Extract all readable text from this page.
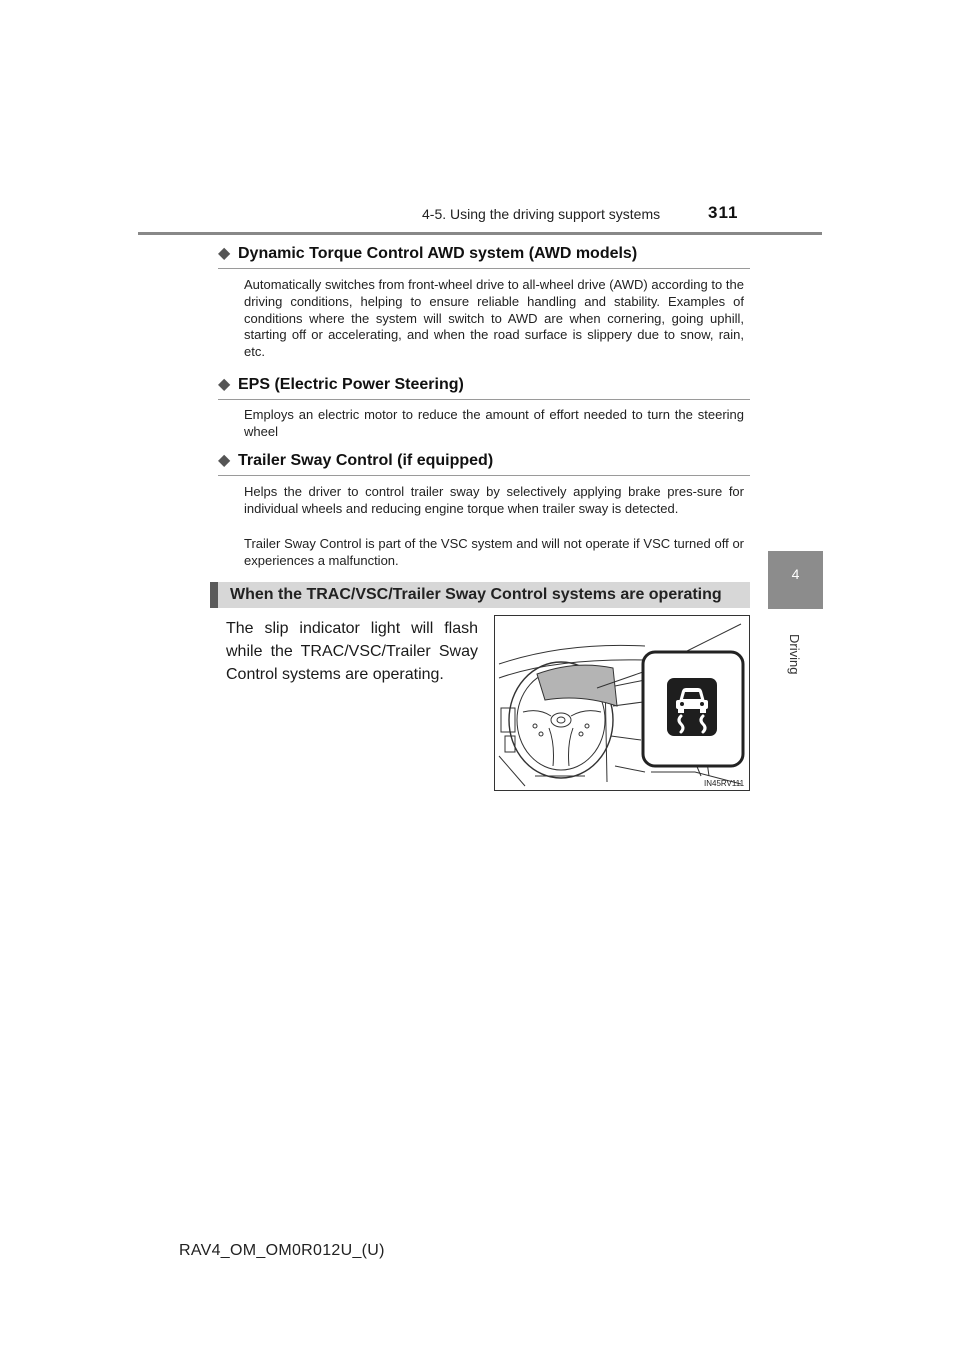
4-5. Using the driving support systems	311
4
Driving
◆ Dynamic Torque Control AWD system (AWD models)
Automatically switches from front-wheel drive to all-wheel drive (AWD) according to the driving conditions, helping to ensure reliable handling and stability. Examples of conditions where the system will switch to AWD are when cornering, going uphill, starting off or accelerating, and when the road surface is slippery due to snow, rain, etc.
◆ EPS (Electric Power Steering)
Employs an electric motor to reduce the amount of effort needed to turn the steering wheel
◆ Trailer Sway Control (if equipped)
Helps the driver to control trailer sway by selectively applying brake pres-sure for individual wheels and reducing engine torque when trailer sway is detected.
Trailer Sway Control is part of the VSC system and will not operate if VSC turned off or experiences a malfunction.
When the TRAC/VSC/Trailer Sway Control systems are operating
The slip indicator light will flash while the TRAC/VSC/Trailer Sway Control systems are operating.
IN45RV111
RAV4_OM_OM0R012U_(U)
